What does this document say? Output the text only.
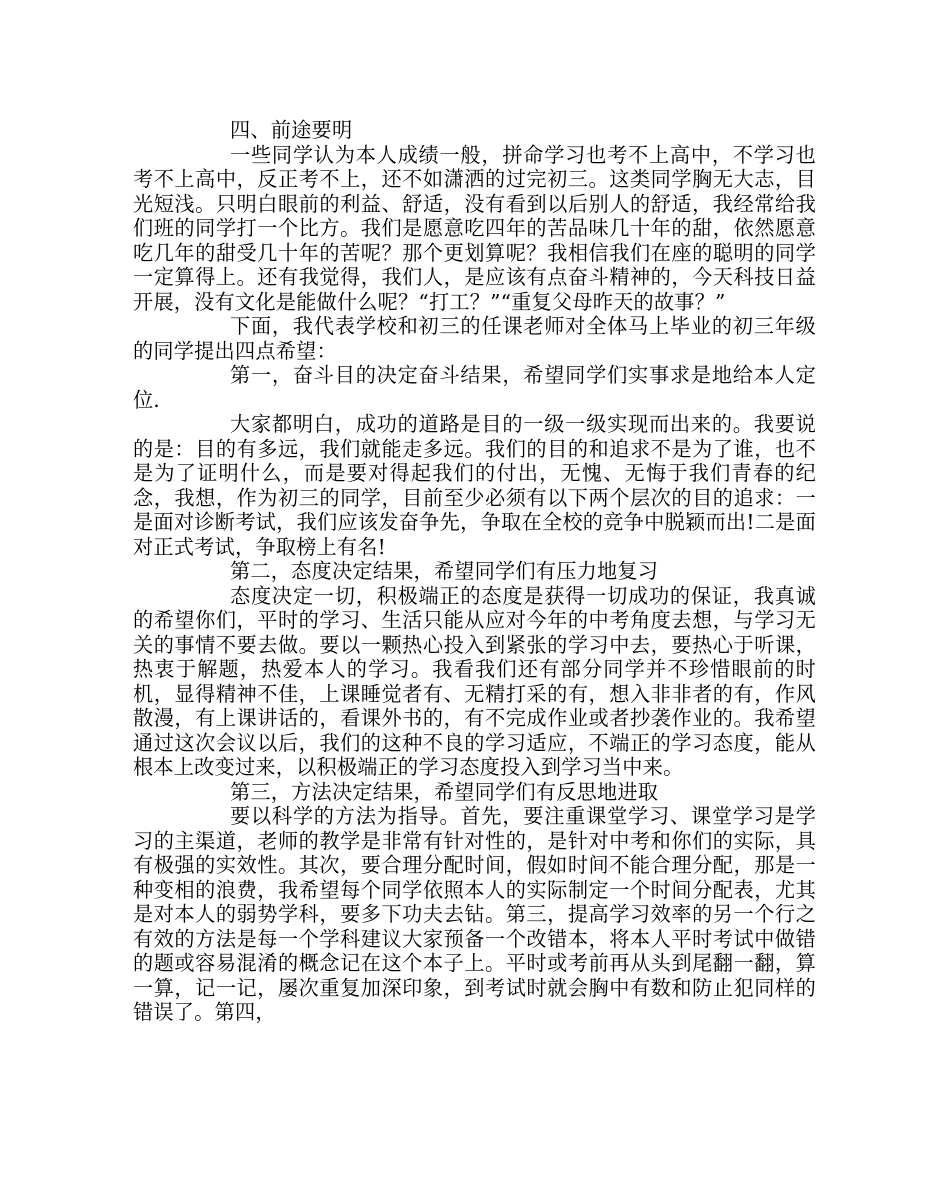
四、前途要明

一些同学认为本人成绩一般，拼命学习也考不上高中，不学习也考不上高中，反正考不上，还不如潇洒的过完初三。这类同学胸无大志，目光短浅。只明白眼前的利益、舒适，没有看到以后别人的舒适，我经常给我们班的同学打一个比方。我们是愿意吃四年的苦品味几十年的甜，依然愿意吃几年的甜受几十年的苦呢？那个更划算呢？我相信我们在座的聪明的同学一定算得上。还有我觉得，我们人，是应该有点奋斗精神的，今天科技日益开展，没有文化是能做什么呢？“打工？”“重复父母昨天的故事？”

下面，我代表学校和初三的任课老师对全体马上毕业的初三年级的同学提出四点希望：

第一，奋斗目的决定奋斗结果，希望同学们实事求是地给本人定位．

大家都明白，成功的道路是目的一级一级实现而出来的。我要说的是：目的有多远，我们就能走多远。我们的目的和追求不是为了谁，也不是为了证明什么，而是要对得起我们的付出，无愧、无悔于我们青春的纪念，我想，作为初三的同学，目前至少必须有以下两个层次的目的追求：一是面对诊断考试，我们应该发奋争先，争取在全校的竞争中脱颖而出!二是面对正式考试，争取榜上有名!

第二，态度决定结果，希望同学们有压力地复习

态度决定一切，积极端正的态度是获得一切成功的保证，我真诚的希望你们，平时的学习、生活只能从应对今年的中考角度去想，与学习无关的事情不要去做。要以一颗热心投入到紧张的学习中去，要热心于听课，热衷于解题，热爱本人的学习。我看我们还有部分同学并不珍惜眼前的时机，显得精神不佳，上课睡觉者有、无精打采的有，想入非非者的有，作风散漫，有上课讲话的，看课外书的，有不完成作业或者抄袭作业的。我希望通过这次会议以后，我们的这种不良的学习适应，不端正的学习态度，能从根本上改变过来，以积极端正的学习态度投入到学习当中来。

第三，方法决定结果，希望同学们有反思地进取

要以科学的方法为指导。首先，要注重课堂学习、课堂学习是学习的主渠道，老师的教学是非常有针对性的，是针对中考和你们的实际，具有极强的实效性。其次，要合理分配时间，假如时间不能合理分配，那是一种变相的浪费，我希望每个同学依照本人的实际制定一个时间分配表，尤其是对本人的弱势学科，要多下功夫去钻。第三，提高学习效率的另一个行之有效的方法是每一个学科建议大家预备一个改错本，将本人平时考试中做错的题或容易混淆的概念记在这个本子上。平时或考前再从头到尾翻一翻，算一算，记一记，屡次重复加深印象，到考试时就会胸中有数和防止犯同样的错误了。第四，
